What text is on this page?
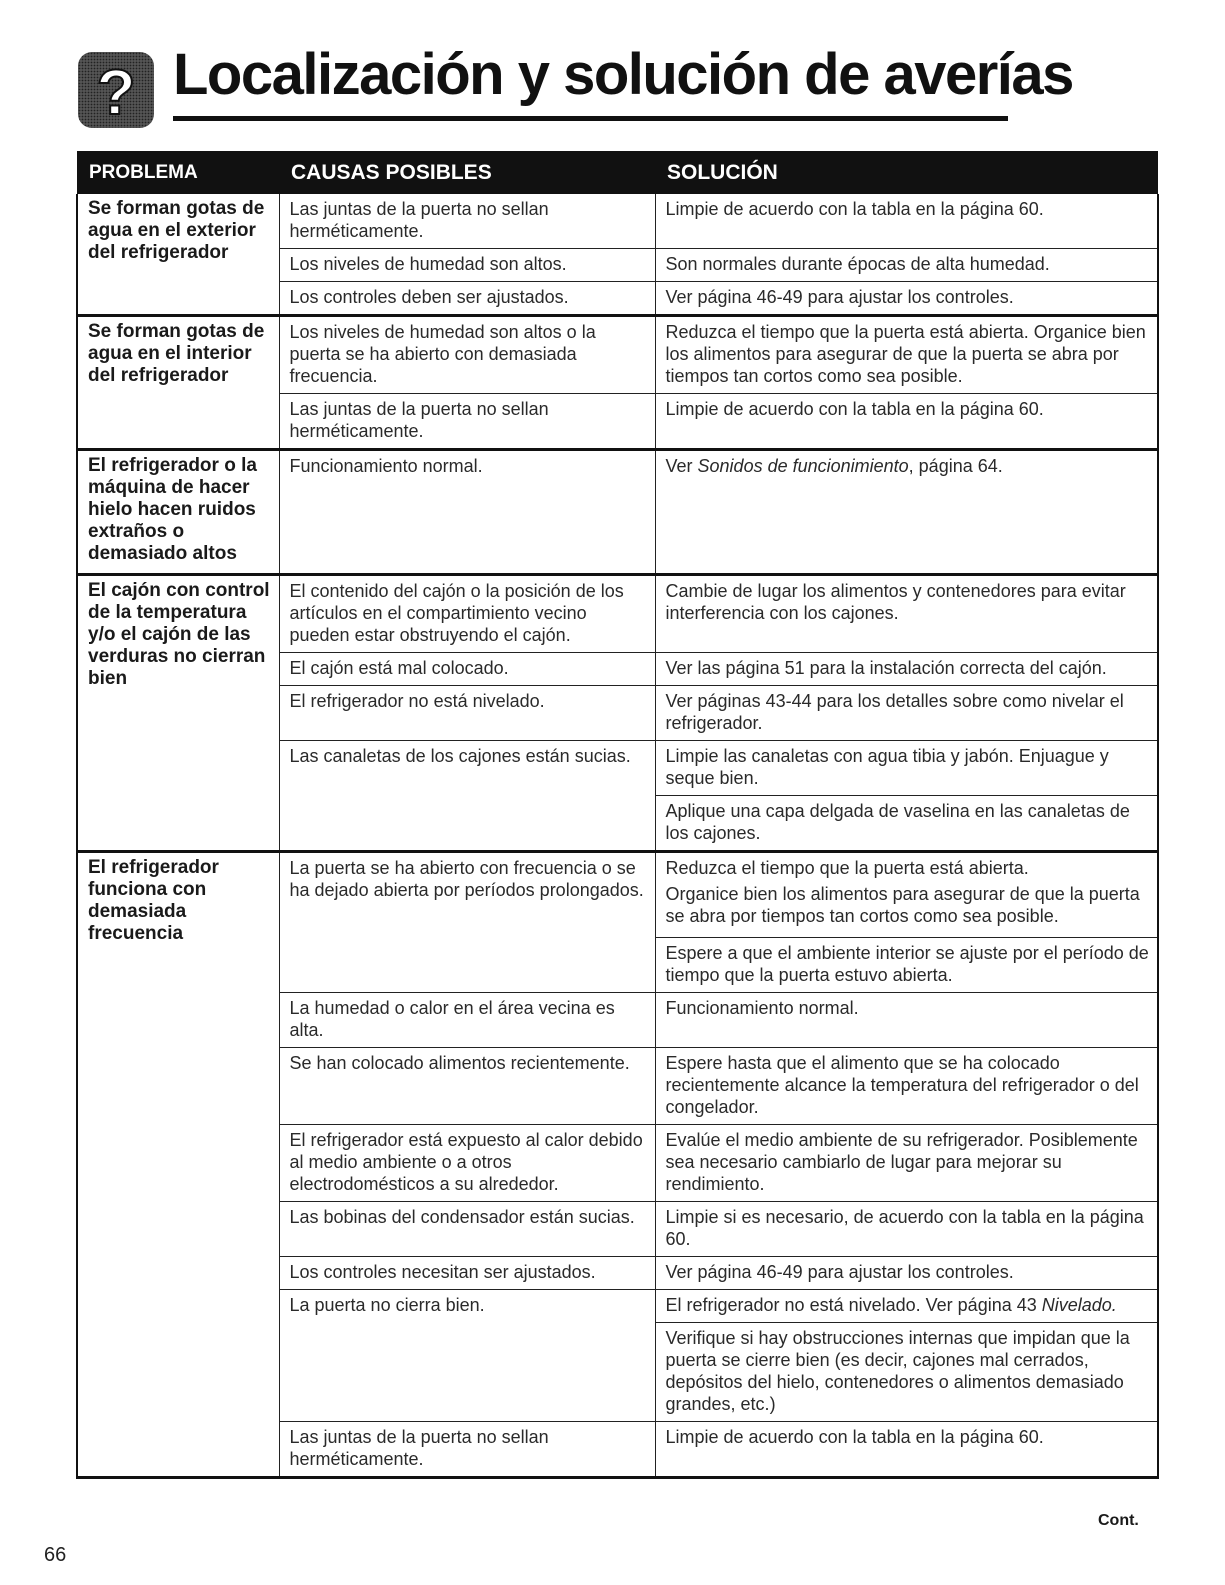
? Localización y solución de averías
PROBLEMA	CAUSAS POSIBLES	SOLUCIÓN
Se forman gotas de agua en el exterior del refrigerador	Las juntas de la puerta no sellan herméticamente.	Limpie de acuerdo con la tabla en la página 60.
	Los niveles de humedad son altos.	Son normales durante épocas de alta humedad.
	Los controles deben ser ajustados.	Ver página 46-49 para ajustar los controles.
Se forman gotas de agua en el interior del refrigerador	Los niveles de humedad son altos o la puerta se ha abierto con demasiada frecuencia.	Reduzca el tiempo que la puerta está abierta. Organice bien los alimentos para asegurar de que la puerta se abra por tiempos tan cortos como sea posible.
	Las juntas de la puerta no sellan herméticamente.	Limpie de acuerdo con la tabla en la página 60.
El refrigerador o la máquina de hacer hielo hacen ruidos extraños o demasiado altos	Funcionamiento normal.	Ver Sonidos de funcionimiento, página 64.
El cajón con control de la temperatura y/o el cajón de las verduras no cierran bien	El contenido del cajón o la posición de los artículos en el compartimiento vecino pueden estar obstruyendo el cajón.	Cambie de lugar los alimentos y contenedores para evitar interferencia con los cajones.
	El cajón está mal colocado.	Ver las página 51 para la instalación correcta del cajón.
	El refrigerador no está nivelado.	Ver páginas 43-44 para los detalles sobre como nivelar el refrigerador.
	Las canaletas de los cajones están sucias.	Limpie las canaletas con agua tibia y jabón. Enjuague y seque bien.
		Aplique una capa delgada de vaselina en las canaletas de los cajones.
El refrigerador funciona con demasiada frecuencia	La puerta se ha abierto con frecuencia o se ha dejado abierta por períodos prolongados.	Reduzca el tiempo que la puerta está abierta.

Organice bien los alimentos para asegurar de que la puerta se abra por tiempos tan cortos como sea posible.

		Espere a que el ambiente interior se ajuste por el período de tiempo que la puerta estuvo abierta.
	La humedad o calor en el área vecina es alta.	Funcionamiento normal.
	Se han colocado alimentos recientemente.	Espere hasta que el alimento que se ha colocado recientemente alcance la temperatura del refrigerador o del congelador.
	El refrigerador está expuesto al calor debido al medio ambiente o a otros electrodomésticos a su alrededor.	Evalúe el medio ambiente de su refrigerador. Posiblemente sea necesario cambiarlo de lugar para mejorar su rendimiento.
	Las bobinas del condensador están sucias.	Limpie si es necesario, de acuerdo con la tabla en la página 60.
	Los controles necesitan ser ajustados.	Ver página 46-49 para ajustar los controles.
	La puerta no cierra bien.	El refrigerador no está nivelado. Ver página 43 Nivelado.
		Verifique si hay obstrucciones internas que impidan que la puerta se cierre bien (es decir, cajones mal cerrados, depósitos del hielo, contenedores o alimentos demasiado grandes, etc.)
	Las juntas de la puerta no sellan herméticamente.	Limpie de acuerdo con la tabla en la página 60.
Cont.
66
